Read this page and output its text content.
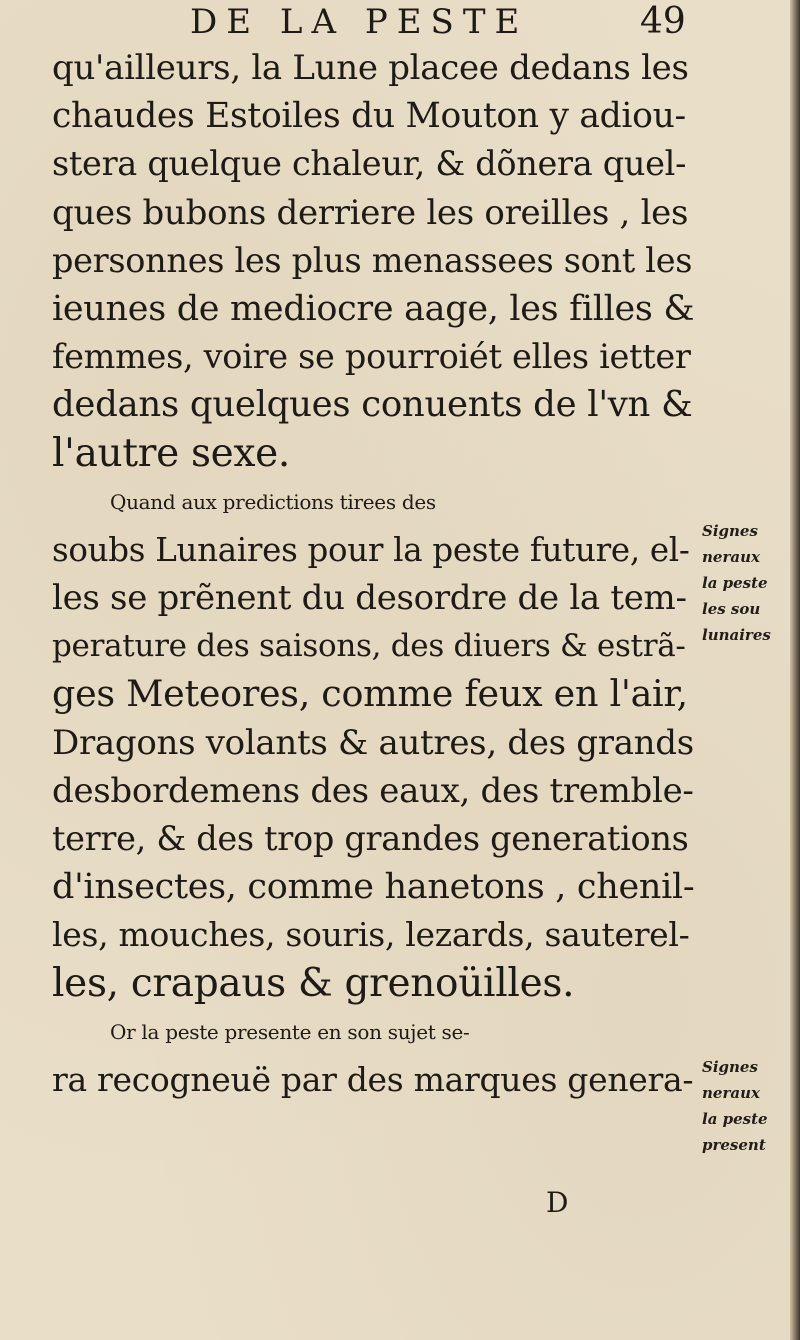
DE LA PESTE	49
qu'ailleurs, la Lune placee dedans les
chaudes Estoiles du Mouton y adiou-
stera quelque chaleur, & dõnera quel-
ques bubons derriere les oreilles , les
personnes les plus menassees sont les
ieunes de mediocre aage, les filles &
femmes, voire se pourroiét elles ietter
dedans quelques conuents de l'vn &
l'autre sexe.
Quand aux predictions tirees des
soubs Lunaires pour la peste future, el-
les se prẽnent du desordre de la tem-
perature des saisons, des diuers & estrã-
ges Meteores, comme feux en l'air,
Dragons volants & autres, des grands
desbordemens des eaux, des tremble-
terre, & des trop grandes generations
d'insectes, comme hanetons , chenil-
les, mouches, souris, lezards, sauterel-
les, crapaus & grenoüilles.
Or la peste presente en son sujet se-
ra recogneuë par des marques genera-
Signes
neraux
la peste
les sou
lunaires
Signes
neraux
la peste
present
D
